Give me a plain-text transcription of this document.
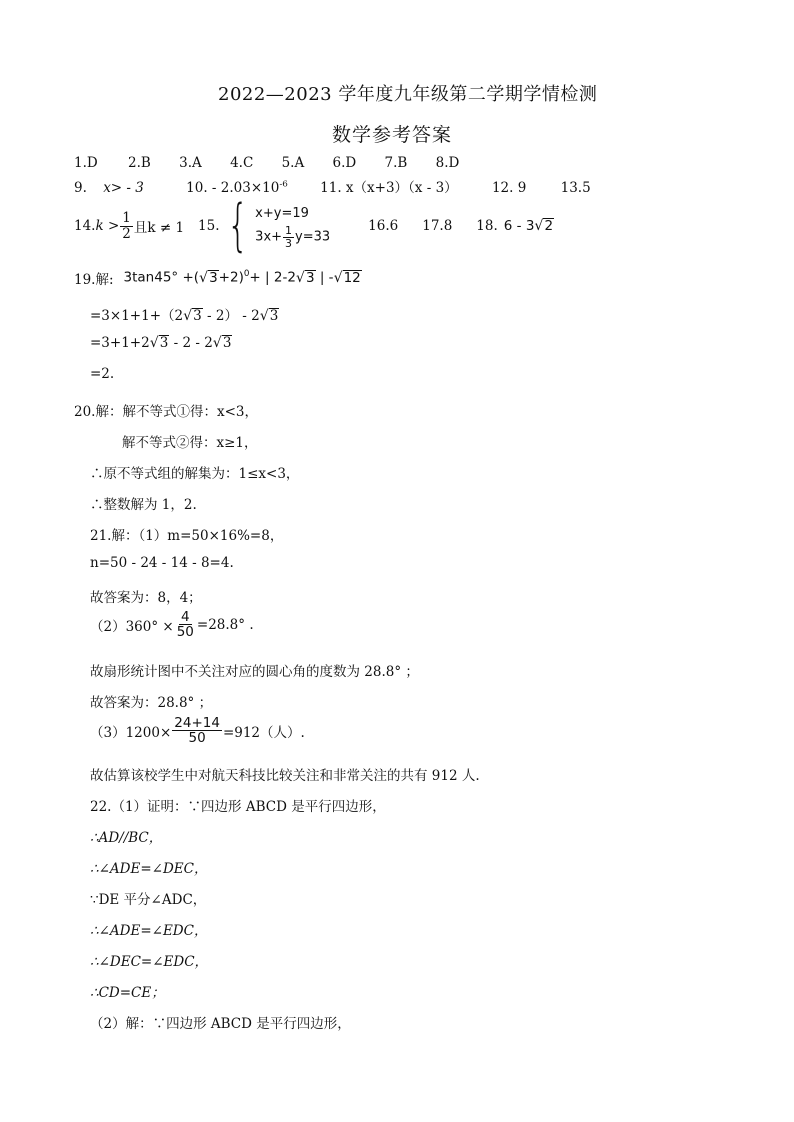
2022—2023 学年度九年级第二学期学情检测
数学参考答案
1.D 2.B 3.A 4.C 5.A 6.D 7.B 8.D
9. x> - 3	10. - $2.03\times 10^{-6}$ 11. x（x+3）（x - 3）	12. 9	13.5
14. $k > \frac{1}{2}$ 且k ≠ 1 15. { x+y=19
$3x+ \frac{1}{3} y=33$
16.6 17.8 18. 6 - 3 √ 2
19.解: 3tan45° +( √ 3 +2)$^0$+ | 2-2 √ 3 | - √ 12
=3×1+1+（2 √ 3 - 2） - 2 √ 3
=3+1+2 √ 3 - 2 - 2 √ 3
=2.
20.解：解不等式①得：x<3，
解不等式②得：x≥1，
∴原不等式组的解集为：1≤x<3，
∴整数解为 1，2.
21.解：（1）m=50×16%=8，
n=50 - 24 - 14 - 8=4.
故答案为：8，4；
$(2)360^\circ \times \frac{4}{50} =28.8^\circ$ .
故扇形统计图中不关注对应的圆心角的度数为 28.8° ；
故答案为：28.8° ；
$(3)1200\times \frac{24+14}{50} =912$（人）.
故估算该校学生中对航天科技比较关注和非常关注的共有 912 人.
22.（1）证明：∵四边形 ABCD 是平行四边形，
∴AD//BC，
∴∠ADE=∠DEC，
∵DE 平分∠ADC，
∴∠ADE=∠EDC，
∴∠DEC=∠EDC，
∴CD=CE；
（2）解：∵四边形 ABCD 是平行四边形，
